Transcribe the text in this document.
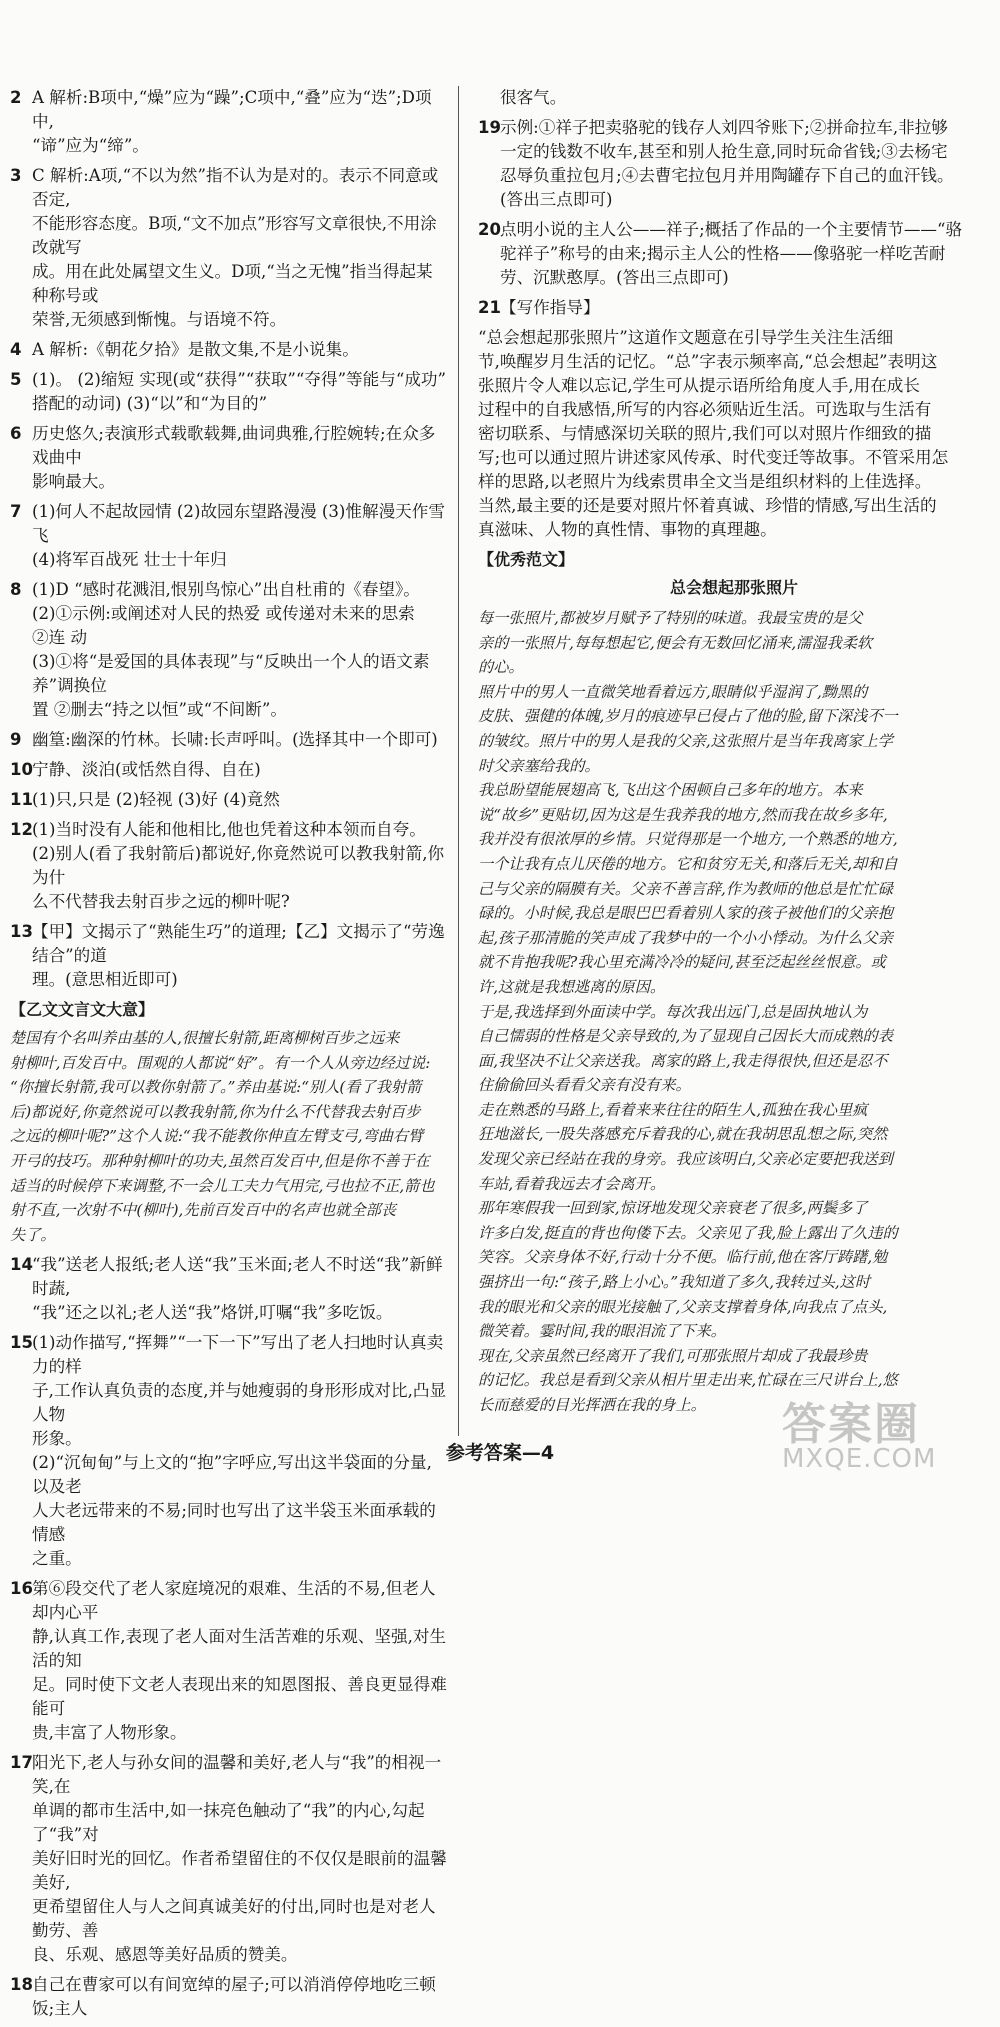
2 A 解析:B项中,“燥”应为“躁”;C项中,“叠”应为“迭”;D项中,
“谛”应为“缔”。
3 C 解析:A项,“不以为然”指不认为是对的。表示不同意或否定,
不能形容态度。B项,“文不加点”形容写文章很快,不用涂改就写
成。用在此处属望文生义。D项,“当之无愧”指当得起某种称号或
荣誉,无须感到惭愧。与语境不符。
4 A 解析:《朝花夕拾》是散文集,不是小说集。
5 (1)。 (2)缩短 实现(或“获得”“获取”“夺得”等能与“成功”
搭配的动词) (3)“以”和“为目的”
6 历史悠久;表演形式载歌载舞,曲词典雅,行腔婉转;在众多戏曲中
影响最大。
7 (1)何人不起故园情 (2)故园东望路漫漫 (3)惟解漫天作雪飞
(4)将军百战死 壮士十年归
8 (1)D “感时花溅泪,恨别鸟惊心”出自杜甫的《春望》。
(2)①示例:或阐述对人民的热爱 或传递对未来的思索
②连 动
(3)①将“是爱国的具体表现”与“反映出一个人的语文素养”调换位
置 ②删去“持之以恒”或“不间断”。
9 幽篁:幽深的竹林。长啸:长声呼叫。(选择其中一个即可)
10 宁静、淡泊(或恬然自得、自在)
11 (1)只,只是 (2)轻视 (3)好 (4)竟然
12 (1)当时没有人能和他相比,他也凭着这种本领而自夸。
(2)别人(看了我射箭后)都说好,你竟然说可以教我射箭,你为什
么不代替我去射百步之远的柳叶呢?
13 【甲】文揭示了“熟能生巧”的道理;【乙】文揭示了“劳逸结合”的道
理。(意思相近即可)
【乙文文言文大意】
楚国有个名叫养由基的人,很擅长射箭,距离柳树百步之远来
射柳叶,百发百中。围观的人都说“好”。有一个人从旁边经过说:
“你擅长射箭,我可以教你射箭了。”养由基说:“别人(看了我射箭
后)都说好,你竟然说可以教我射箭,你为什么不代替我去射百步
之远的柳叶呢?”这个人说:“我不能教你伸直左臂支弓,弯曲右臂
开弓的技巧。那种射柳叶的功夫,虽然百发百中,但是你不善于在
适当的时候停下来调整,不一会儿工夫力气用完,弓也拉不正,箭也
射不直,一次射不中(柳叶),先前百发百中的名声也就全部丧
失了。
14 “我”送老人报纸;老人送“我”玉米面;老人不时送“我”新鲜时蔬,
“我”还之以礼;老人送“我”烙饼,叮嘱“我”多吃饭。
15 (1)动作描写,“挥舞”“一下一下”写出了老人扫地时认真卖力的样
子,工作认真负责的态度,并与她瘦弱的身形形成对比,凸显人物
形象。
(2)“沉甸甸”与上文的“抱”字呼应,写出这半袋面的分量,以及老
人大老远带来的不易;同时也写出了这半袋玉米面承载的情感
之重。
16 第⑥段交代了老人家庭境况的艰难、生活的不易,但老人却内心平
静,认真工作,表现了老人面对生活苦难的乐观、坚强,对生活的知
足。同时使下文老人表现出来的知恩图报、善良更显得难能可
贵,丰富了人物形象。
17 阳光下,老人与孙女间的温馨和美好,老人与“我”的相视一笑,在
单调的都市生活中,如一抹亮色触动了“我”的内心,勾起了“我”对
美好旧时光的回忆。作者希望留住的不仅仅是眼前的温馨美好,
更希望留住人与人之间真诚美好的付出,同时也是对老人勤劳、善
良、乐观、感恩等美好品质的赞美。
18 自己在曹家可以有间宽绰的屋子;可以消消停停地吃三顿饭;主人
很客气。
19 示例:①祥子把卖骆驼的钱存人刘四爷账下;②拼命拉车,非拉够
一定的钱数不收车,甚至和别人抢生意,同时玩命省钱;③去杨宅
忍辱负重拉包月;④去曹宅拉包月并用陶罐存下自己的血汗钱。
(答出三点即可)
20 点明小说的主人公——祥子;概括了作品的一个主要情节——“骆
驼祥子”称号的由来;揭示主人公的性格——像骆驼一样吃苦耐
劳、沉默憨厚。(答出三点即可)
21 【写作指导】
“总会想起那张照片”这道作文题意在引导学生关注生活细
节,唤醒岁月生活的记忆。“总”字表示频率高,“总会想起”表明这
张照片令人难以忘记,学生可从提示语所给角度人手,用在成长
过程中的自我感悟,所写的内容必须贴近生活。可选取与生活有
密切联系、与情感深切关联的照片,我们可以对照片作细致的描
写;也可以通过照片讲述家风传承、时代变迁等故事。不管采用怎
样的思路,以老照片为线索贯串全文当是组织材料的上佳选择。
当然,最主要的还是要对照片怀着真诚、珍惜的情感,写出生活的
真滋味、人物的真性情、事物的真理趣。
【优秀范文】
总会想起那张照片
每一张照片,都被岁月赋予了特别的味道。我最宝贵的是父
亲的一张照片,每每想起它,便会有无数回忆涌来,濡湿我柔软
的心。
照片中的男人一直微笑地看着远方,眼睛似乎湿润了,黝黑的
皮肤、强健的体魄,岁月的痕迹早已侵占了他的脸,留下深浅不一
的皱纹。照片中的男人是我的父亲,这张照片是当年我离家上学
时父亲塞给我的。
我总盼望能展翅高飞,飞出这个困顿自己多年的地方。本来
说“故乡”更贴切,因为这是生我养我的地方,然而我在故乡多年,
我并没有很浓厚的乡情。只觉得那是一个地方,一个熟悉的地方,
一个让我有点儿厌倦的地方。它和贫穷无关,和落后无关,却和自
己与父亲的隔膜有关。父亲不善言辞,作为教师的他总是忙忙碌
碌的。小时候,我总是眼巴巴看着别人家的孩子被他们的父亲抱
起,孩子那清脆的笑声成了我梦中的一个小小悸动。为什么父亲
就不肯抱我呢?我心里充满冷冷的疑问,甚至泛起丝丝恨意。或
许,这就是我想逃离的原因。
于是,我选择到外面读中学。每次我出远门,总是固执地认为
自己懦弱的性格是父亲导致的,为了显现自己因长大而成熟的表
面,我坚决不让父亲送我。离家的路上,我走得很快,但还是忍不
住偷偷回头看看父亲有没有来。
走在熟悉的马路上,看着来来往往的陌生人,孤独在我心里疯
狂地滋长,一股失落感充斥着我的心,就在我胡思乱想之际,突然
发现父亲已经站在我的身旁。我应该明白,父亲必定要把我送到
车站,看着我远去才会离开。
那年寒假我一回到家,惊讶地发现父亲衰老了很多,两鬓多了
许多白发,挺直的背也佝偻下去。父亲见了我,脸上露出了久违的
笑容。父亲身体不好,行动十分不便。临行前,他在客厅踌躇,勉
强挤出一句:“孩子,路上小心。”我知道了多久,我转过头,这时
我的眼光和父亲的眼光接触了,父亲支撑着身体,向我点了点头,
微笑着。霎时间,我的眼泪流了下来。
现在,父亲虽然已经离开了我们,可那张照片却成了我最珍贵
的记忆。我总是看到父亲从相片里走出来,忙碌在三尺讲台上,悠
长而慈爱的目光挥洒在我的身上。
参考答案—4
答案圈
MXQE.COM
